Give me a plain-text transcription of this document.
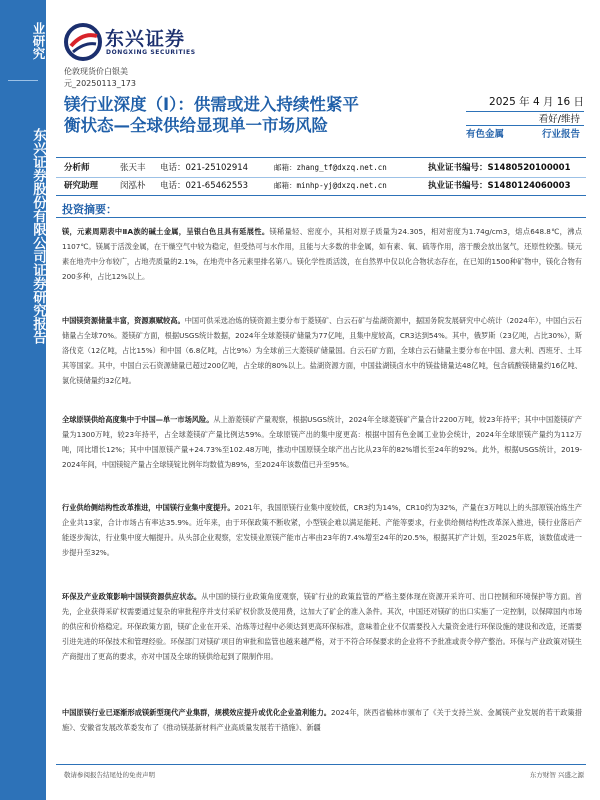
业研究
东兴证券股份有限公司证券研究报告
东兴证券
DONGXING SECURITIES
伦敦现货价白银美
元_20250113_173
镁行业深度（I）：供需或进入持续性紧平
衡状态—全球供给显现单一市场风险
2025 年 4 月 16 日
看好/维持
有色金属	行业报告
分析师	张天丰 电话：021-25102914	邮箱：zhang_tf@dxzq.net.cn	执业证书编号：S1480520100001
研究助理	闵泓朴 电话：021-65462553	邮箱：minhp-yj@dxzq.net.cn	执业证书编号：S1480124060003
投资摘要：

镁，元素周期表中ⅡA族的碱土金属，呈银白色且具有延展性。镁稀量轻、密度小，其相对原子质量为24.305，相对密度为1.74g/cm3，熔点648.8℃，沸点1107℃。镁属于活泼金属，在干燥空气中较为稳定，但受热可与水作用，且能与大多数的非金属，如有素、氧、硫等作用，溶于酸会放出氢气，还原性较强。镁元素在地壳中分布较广，占地壳质量的2.1%，在地壳中各元素里排名第八。镁化学性质活泼，在自然界中仅以化合物状态存在，在已知的1500种矿物中，镁化合物有200多种，占比12%以上。

中国镁资源储量丰富，资源禀赋较高。中国可供采选冶炼的镁资源主要分布于菱镁矿、白云石矿与盐湖资源中，据国务院发展研究中心统计（2024年），中国白云石储量占全球70%。菱镁矿方面，根据USGS统计数据，2024年全球菱镁矿储量为77亿吨，且集中度较高，CR3达到54%。其中，俄罗斯（23亿吨，占比30%），斯洛伐克（12亿吨，占比15%）和中国（6.8亿吨，占比9%）为全球前三大菱镁矿储量国。白云石矿方面，全球白云石储量主要分布在中国、意大利、西班牙、土耳其等国家。其中，中国白云石资源储量已超过200亿吨，占全球的80%以上。盐湖资源方面，中国盐湖镁卤水中的镁盐储量达48亿吨，包含硫酸镁储量约16亿吨、氯化镁储量约32亿吨。

全球原镁供给高度集中于中国—单一市场风险。从上游菱镁矿产量观察，根据USGS统计，2024年全球菱镁矿产量合计2200万吨，较23年持平；其中中国菱镁矿产量为1300万吨，较23年持平，占全球菱镁矿产量比例达59%。全球原镁产出的集中度更高：根据中国有色金属工业协会统计，2024年全球原镁产量约为112万吨，同比增长12%；其中中国原镁产量+24.73%至102.48万吨，推动中国原镁全球产出占比从23年的82%增长至24年的92%。此外，根据USGS统计，2019-2024年间，中国镁锭产量占全球镁锭比例年均数值为89%，至2024年该数值已升至95%。

行业供给侧结构性改革推进，中国镁行业集中度提升。2021年，我国原镁行业集中度较低，CR3约为14%，CR10约为32%，产量在3万吨以上的头部原镁冶炼生产企业共13家，合计市场占有率达35.9%。近年来，由于环保政策不断收紧，小型镁企难以满足能耗、产能等要求，行业供给侧结构性改革深入推进，镁行业落后产能逐步淘汰，行业集中度大幅提升。从头部企业观察，宏发镁业原镁产能市占率由23年的7.4%增至24年的20.5%，根据其扩产计划，至2025年底，该数值或进一步提升至32%。

环保及产业政策影响中国镁资源供应状态。从中国的镁行业政策角度观察，镁矿行业的政策监管的严格主要体现在资源开采许可、出口控制和环境保护等方面。首先，企业获得采矿权需要通过复杂的审批程序并支付采矿权价款及使用费，这加大了矿企的准入条件。其次，中国还对镁矿的出口实施了一定控制，以保障国内市场的供应和价格稳定。环保政策方面，镁矿企业在开采、冶炼等过程中必须达到更高环保标准，意味着企业不仅需要投入大量资金进行环保设施的建设和改造，还需要引进先进的环保技术和管理经验。环保部门对镁矿项目的审批和监管也越来越严格，对于不符合环保要求的企业将不予批准或责令停产整治。环保与产业政策对镁生产商提出了更高的要求，亦对中国及全球的镁供给起到了限制作用。

中国原镁行业已逐渐形成镁新型现代产业集群，规模效应提升或优化企业盈利能力。2024年，陕西省榆林市颁布了《关于支持兰炭、金属镁产业发展的若干政策措施》、安徽省发展改革委发布了《推动镁基新材料产业高质量发展若干措施》、新疆

敬请参阅报告结尾处的免责声明	东方财智 兴盛之源
